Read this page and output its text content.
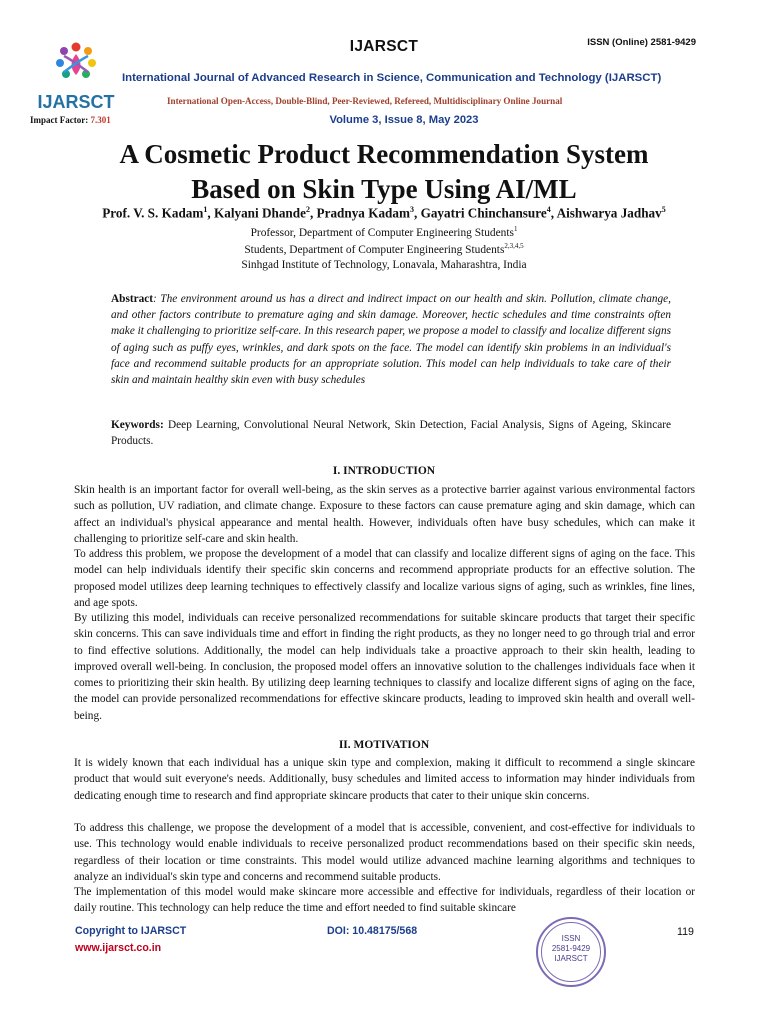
IJARSCT
IJARSCT	ISSN (Online) 2581-9429
International Journal of Advanced Research in Science, Communication and Technology (IJARSCT)
International Open-Access, Double-Blind, Peer-Reviewed, Refereed, Multidisciplinary Online Journal
Impact Factor: 7.301	Volume 3, Issue 8, May 2023
A Cosmetic Product Recommendation System
Based on Skin Type Using AI/ML
Prof. V. S. Kadam$^1$, Kalyani Dhande$^2$, Pradnya Kadam$^3$, Gayatri Chinchansure$^4$, Aishwarya Jadhav$^5$
Professor, Department of Computer Engineering Students$^1$
Students, Department of Computer Engineering Students$^{2,3,4,5}$
Sinhgad Institute of Technology, Lonavala, Maharashtra, India
Abstract: The environment around us has a direct and indirect impact on our health and skin. Pollution, climate change, and other factors contribute to premature aging and skin damage. Moreover, hectic schedules and time constraints often make it challenging to prioritize self-care. In this research paper, we propose a model to classify and localize different signs of aging such as puffy eyes, wrinkles, and dark spots on the face. The model can identify skin problems in an individual's face and recommend suitable products for an appropriate solution. This model can help individuals to take care of their skin and maintain healthy skin even with busy schedules
Keywords: Deep Learning, Convolutional Neural Network, Skin Detection, Facial Analysis, Signs of Ageing, Skincare Products.
I. INTRODUCTION
Skin health is an important factor for overall well-being, as the skin serves as a protective barrier against various environmental factors such as pollution, UV radiation, and climate change. Exposure to these factors can cause premature aging and skin damage, which can affect an individual's physical appearance and mental health. However, individuals often have busy schedules, which can make it challenging to prioritize self-care and skin health.
To address this problem, we propose the development of a model that can classify and localize different signs of aging on the face. This model can help individuals identify their specific skin concerns and recommend appropriate products for an effective solution. The proposed model utilizes deep learning techniques to effectively classify and localize various signs of aging, such as wrinkles, fine lines, and age spots.
By utilizing this model, individuals can receive personalized recommendations for suitable skincare products that target their specific skin concerns. This can save individuals time and effort in finding the right products, as they no longer need to go through trial and error to find effective solutions. Additionally, the model can help individuals take a proactive approach to their skin health, leading to improved overall well-being. In conclusion, the proposed model offers an innovative solution to the challenges individuals face when it comes to prioritizing their skin health. By utilizing deep learning techniques to classify and localize different signs of aging on the face, the model can provide personalized recommendations for effective skincare products, leading to improved skin health and overall well-being.
II. MOTIVATION
It is widely known that each individual has a unique skin type and complexion, making it difficult to recommend a single skincare product that would suit everyone's needs. Additionally, busy schedules and limited access to information may hinder individuals from dedicating enough time to research and find appropriate skincare products that cater to their unique skin concerns.
To address this challenge, we propose the development of a model that is accessible, convenient, and cost-effective for individuals to use. This technology would enable individuals to receive personalized product recommendations based on their specific skin needs, regardless of their location or time constraints. This model would utilize advanced machine learning algorithms and techniques to analyze an individual's skin type and concerns and recommend suitable products.
The implementation of this model would make skincare more accessible and effective for individuals, regardless of their location or daily routine. This technology can help reduce the time and effort needed to find suitable skincare
Copyright to IJARSCT
www.ijarsct.co.in
DOI: 10.48175/568	119
ISSN
2581-9429
IJARSCT
